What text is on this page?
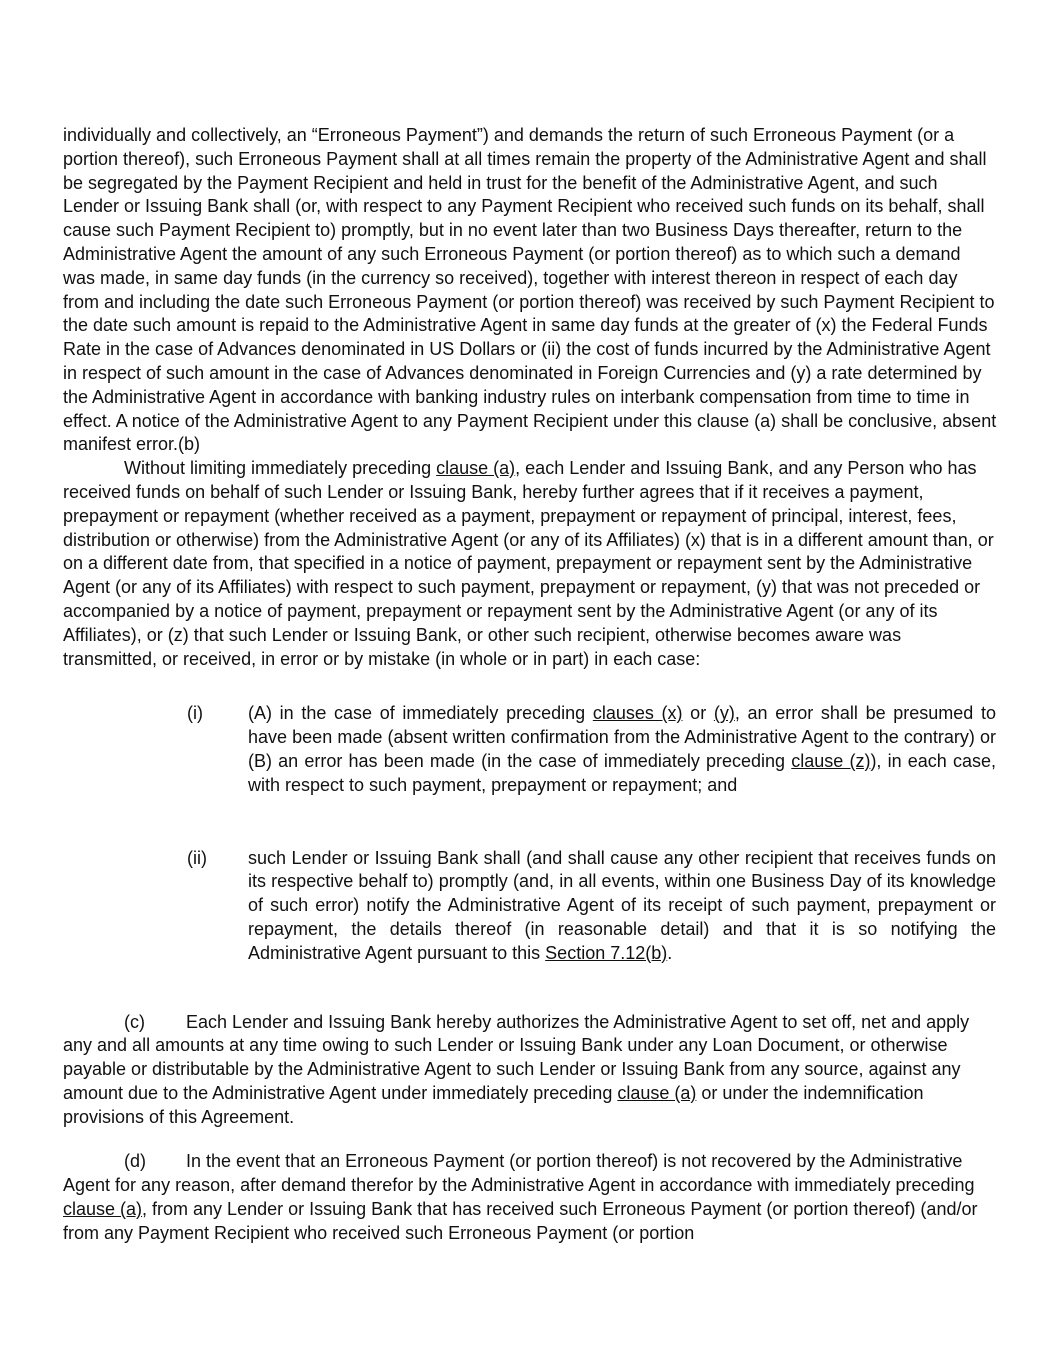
individually and collectively, an “Erroneous Payment”) and demands the return of such Erroneous Payment (or a portion thereof), such Erroneous Payment shall at all times remain the property of the Administrative Agent and shall be segregated by the Payment Recipient and held in trust for the benefit of the Administrative Agent, and such Lender or Issuing Bank shall (or, with respect to any Payment Recipient who received such funds on its behalf, shall cause such Payment Recipient to) promptly, but in no event later than two Business Days thereafter, return to the Administrative Agent the amount of any such Erroneous Payment (or portion thereof) as to which such a demand was made, in same day funds (in the currency so received), together with interest thereon in respect of each day from and including the date such Erroneous Payment (or portion thereof) was received by such Payment Recipient to the date such amount is repaid to the Administrative Agent in same day funds at the greater of (x) the Federal Funds Rate in the case of Advances denominated in US Dollars or (ii) the cost of funds incurred by the Administrative Agent in respect of such amount in the case of Advances denominated in Foreign Currencies and (y) a rate determined by the Administrative Agent in accordance with banking industry rules on interbank compensation from time to time in effect. A notice of the Administrative Agent to any Payment Recipient under this clause (a) shall be conclusive, absent manifest error.(b)

Without limiting immediately preceding clause (a), each Lender and Issuing Bank, and any Person who has received funds on behalf of such Lender or Issuing Bank, hereby further agrees that if it receives a payment, prepayment or repayment (whether received as a payment, prepayment or repayment of principal, interest, fees, distribution or otherwise) from the Administrative Agent (or any of its Affiliates) (x) that is in a different amount than, or on a different date from, that specified in a notice of payment, prepayment or repayment sent by the Administrative Agent (or any of its Affiliates) with respect to such payment, prepayment or repayment, (y) that was not preceded or accompanied by a notice of payment, prepayment or repayment sent by the Administrative Agent (or any of its Affiliates), or (z) that such Lender or Issuing Bank, or other such recipient, otherwise becomes aware was transmitted, or received, in error or by mistake (in whole or in part) in each case:

(i)	(A) in the case of immediately preceding clauses (x) or (y), an error shall be presumed to have been made (absent written confirmation from the Administrative Agent to the contrary) or (B) an error has been made (in the case of immediately preceding clause (z)), in each case, with respect to such payment, prepayment or repayment; and
(ii)	such Lender or Issuing Bank shall (and shall cause any other recipient that receives funds on its respective behalf to) promptly (and, in all events, within one Business Day of its knowledge of such error) notify the Administrative Agent of its receipt of such payment, prepayment or repayment, the details thereof (in reasonable detail) and that it is so notifying the Administrative Agent pursuant to this Section 7.12(b).

(c) Each Lender and Issuing Bank hereby authorizes the Administrative Agent to set off, net and apply any and all amounts at any time owing to such Lender or Issuing Bank under any Loan Document, or otherwise payable or distributable by the Administrative Agent to such Lender or Issuing Bank from any source, against any amount due to the Administrative Agent under immediately preceding clause (a) or under the indemnification provisions of this Agreement.

(d) In the event that an Erroneous Payment (or portion thereof) is not recovered by the Administrative Agent for any reason, after demand therefor by the Administrative Agent in accordance with immediately preceding clause (a), from any Lender or Issuing Bank that has received such Erroneous Payment (or portion thereof) (and/or from any Payment Recipient who received such Erroneous Payment (or portion
